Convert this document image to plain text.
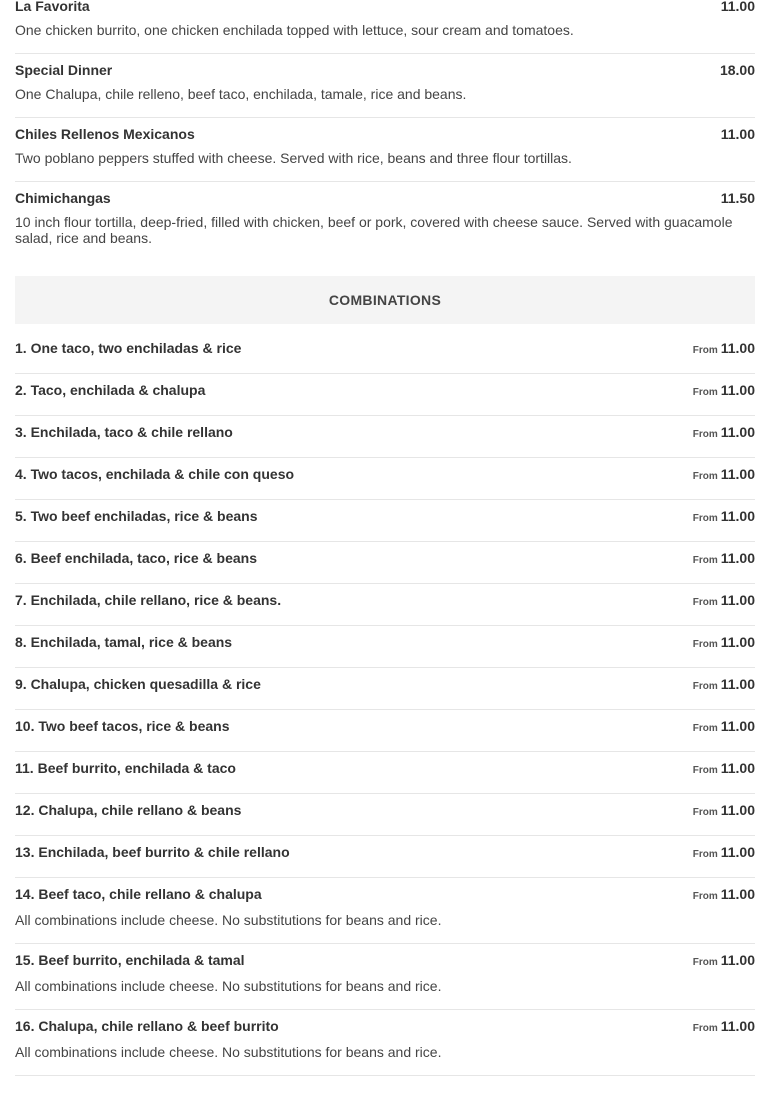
La Favorita	11.00
One chicken burrito, one chicken enchilada topped with lettuce, sour cream and tomatoes.
Special Dinner	18.00
One Chalupa, chile relleno, beef taco, enchilada, tamale, rice and beans.
Chiles Rellenos Mexicanos	11.00
Two poblano peppers stuffed with cheese. Served with rice, beans and three flour tortillas.
Chimichangas	11.50
10 inch flour tortilla, deep-fried, filled with chicken, beef or pork, covered with cheese sauce. Served with guacamole salad, rice and beans.
COMBINATIONS
1. One taco, two enchiladas & rice	From 11.00
2. Taco, enchilada & chalupa	From 11.00
3. Enchilada, taco & chile rellano	From 11.00
4. Two tacos, enchilada & chile con queso	From 11.00
5. Two beef enchiladas, rice & beans	From 11.00
6. Beef enchilada, taco, rice & beans	From 11.00
7. Enchilada, chile rellano, rice & beans.	From 11.00
8. Enchilada, tamal, rice & beans	From 11.00
9. Chalupa, chicken quesadilla & rice	From 11.00
10. Two beef tacos, rice & beans	From 11.00
11. Beef burrito, enchilada & taco	From 11.00
12. Chalupa, chile rellano & beans	From 11.00
13. Enchilada, beef burrito & chile rellano	From 11.00
14. Beef taco, chile rellano & chalupa	From 11.00
All combinations include cheese. No substitutions for beans and rice.
15. Beef burrito, enchilada & tamal	From 11.00
All combinations include cheese. No substitutions for beans and rice.
16. Chalupa, chile rellano & beef burrito	From 11.00
All combinations include cheese. No substitutions for beans and rice.
